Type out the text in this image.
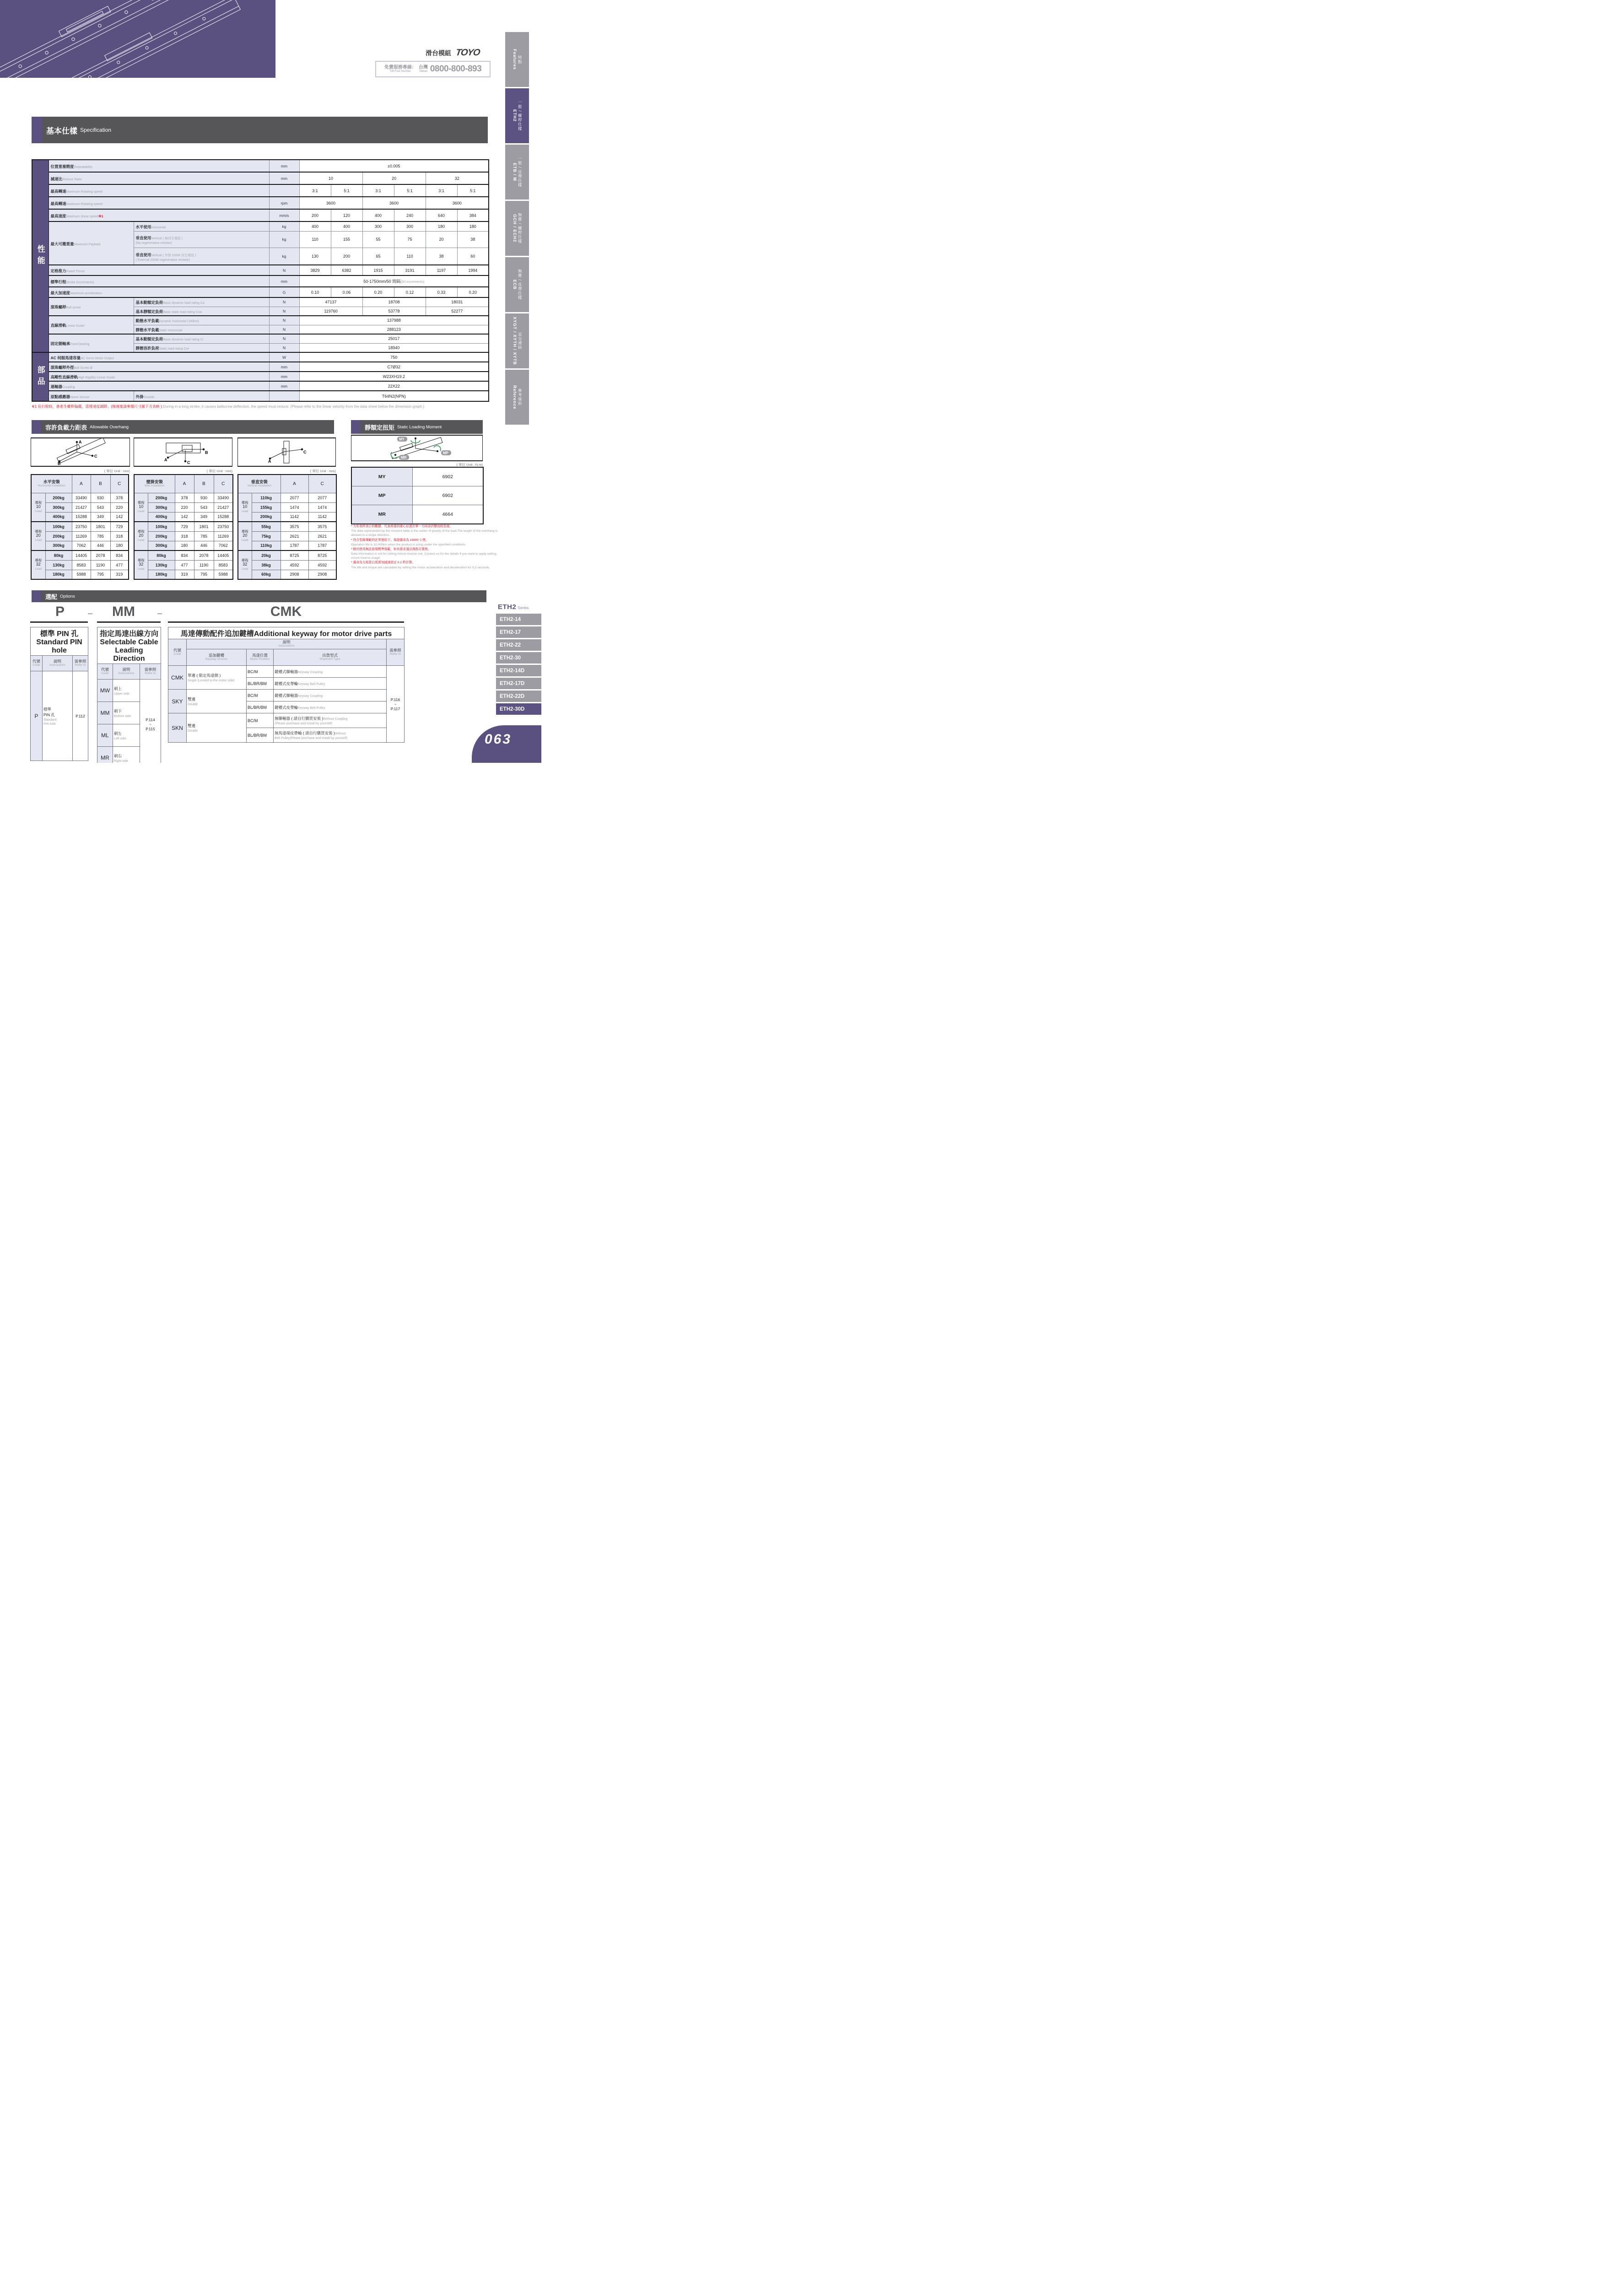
滑台模組 TOYO
免費服務專線：
Toll-Free Number
台灣
Taiwan 0800-800-893	Features 特點
ETH2 一般 / 螺桿仕樣
ETB / M 一般 / 皮帶仕樣
GCH / ECH2 無塵 / 螺桿仕樣
ECB 無塵 / 皮帶仕樣
XYGT / XYTH / XYTB 直交連結
Reference 參考資料
基本仕樣 Specification
性能	位置重複精度Repeatability		mm	±0.005					
	減速比Reduce Ratio		mm	10		20		32	
	最高轉速Maximum Rotating speed			3:1	5:1	3:1	5:1	3:1	5:1
	最高轉速Maximum Rotating speed		rpm	3600		3600		3600	
	最高速度Maximum linear speed※1		mm/s	200	120	400	240	640	384
	最大可搬重量Maximum Payload	水平使用Horizontal	kg	400	400	300	300	180	180
		垂直使用Vertical ( 無回生電阻 )
(No regenerative resistor)	kg	110	155	55	75	20	38
		垂直使用Vertical ( 外掛 200W 回生電阻 )
( External 200W regenerative resistor)	kg	130	200	65	110	38	60
	定格推力Rated Thrust		N	3829	6382	1915	3191	1197	1994
	標準行程Stroke (increments)		mm	50-1750mm/50 間隔(50 increments)					
	最大加速度Maximum acceleration		G	0.10	0.06	0.20	0.12	0.33	0.20
	滾珠螺桿Ball screw	基本動額定負荷Basic dynamic load rating Ca	N	47137		18708		18031	
		基本靜額定負荷Basic static load rating Coa	N	119760		53778		52277	
	直線滑軌Linear Guide	動態水平負載Dynamic horizontal (100km)	N	137988					
		靜態水平負載Static Horizontal	N	288123					
	固定側軸承Fixed bearing	基本動額定負荷Basic dynamic load rating Cr	N	25017					
		靜態容許負荷Static load rating Cor	N	18940					

部品	AC 伺服馬達容量AC Servo Motor Output		W	750					
	滾珠螺桿外徑Ball Screw Ø		mm	C7Ø32					
	高剛性直線滑軌High Rigidity Linear Guide		mm	W23XH19.2					
	連軸器Coupling		mm	22X22					
	原點感應器Home Sensor	外掛Outside		T64N2(NPN)					
※1 長行程時，會產生螺桿偏擺，需將速度調降。(線速度請參閱尺寸圖下方表格 ) During in a long stroke, it causes ballscrew deflection, the speed must reduce. (Please refer to the linear velocity from the data sheet below the dimension graph.)
容許負載力距表 Allowable Overhang	靜額定扭矩 Static Loading Moment
A
B
C
A
B
C	A
C
MY
MP
MR
( 單位 Unit : mm)	( 單位 Unit : mm)	( 單位 Unit : mm)
( 單位 Unit : N.m)
水平安裝
Horizontal Installation		A	B	C
導程
10
Lead	200kg	33490	930	378
	300kg	21427	543	220
	400kg	15288	349	142
導程
20
Lead	100kg	23750	1801	729
	200kg	11269	785	318
	300kg	7062	446	180
導程
32
Lead	80kg	14405	2078	834
	130kg	8583	1190	477
	180kg	5988	795	319
壁掛安裝
Wall Installation		A	B	C
導程
10
Lead	200kg	378	930	33490
	300kg	220	543	21427
	400kg	142	349	15288
導程
20
Lead	100kg	729	1801	23750
	200kg	318	785	11269
	300kg	180	446	7062
導程
32
Lead	80kg	834	2078	14405
	130kg	477	1190	8583
	180kg	319	795	5988
垂直安裝
Vertical Installation		A	C
導程
10
Lead	110kg	2077	2077
	155kg	1474	1474
	200kg	1142	1142
導程
20
Lead	55kg	3575	3575
	75kg	2621	2621
	110kg	1787	1787
導程
32
Lead	20kg	8725	8725
	38kg	4592	4592
	60kg	2908	2908
MY	6902
MP	6902
MR	4664

* 力矩表所表示的數據，代表荷重的重心位置於單一方向容許懸出的長度。

The data represented by the moment table is the center of gravity of the load.The length of the overhang is allowed in a single direction.

* 符合型錄規範的正常使用下，保證壽命為 10000 公里。

Operation life is 10,000km when the product is using under the specified conditions.

* 倒吊使用無法套用標準規範，如有需求請洽詢我司業務。

Data information is not for ceiling-mount inverse use. Contact us for the details if you want to apply ceiling-mount inverse usage.

* 壽命及力矩是以馬達加減速設定 0.2 秒計算。

The life and torque are calculated by setting the motor acceleration and deceleration for 0.2 seconds.

選配 Options
P	–	MM	–	CMK
標準 PIN 孔Standard PIN hole		

代號
Code	說明
Instructions	需參照
Refer to

P	標準
PIN 孔
Standard
PIN hole	P.112
指定馬達出線方向Selectable Cable Leading Direction		

代號
Code	說明
Instructions	需參照
Refer to

MW	朝上
Upper side	P.114
~
P.115
MM	朝下
Bottom side	
ML	朝左
Left side	
MR	朝右
Right side	
馬達傳動配件追加鍵槽Additional keyway for motor drive parts				

代號
Code	說明
Instructions			需參照
Refer to

	追加鍵槽
Keyway Groove	馬達位置
Motor Position	出貨型式
Shipment Type	

CMK	單邊 ( 限定馬達側 )
Single (Limited to the motor side)	BC/M	鍵槽式聯軸器Keyway Coupling	P.116
~
P.117
		BL/BR/BM	鍵槽式皮帶輪Keyway Belt Pulley	
SKY	雙邊
Double	BC/M	鍵槽式聯軸器Keyway Coupling	
		BL/BR/BM	鍵槽式皮帶輪Keyway Belt Pulley	
SKN	雙邊
Double	BC/M	無聯軸器 ( 請自行購買安裝 )Without Coupling
(Please purchase and install by yourself)	
		BL/BR/BM	無馬達端皮帶輪 ( 請自行購買安裝 )Without
Belt Pulley(Please purchase and install by yourself)	
ETH2 Series
ETH2-14
ETH2-17
ETH2-22
ETH2-30
ETH2-14D
ETH2-17D
ETH2-22D
ETH2-30D
063
